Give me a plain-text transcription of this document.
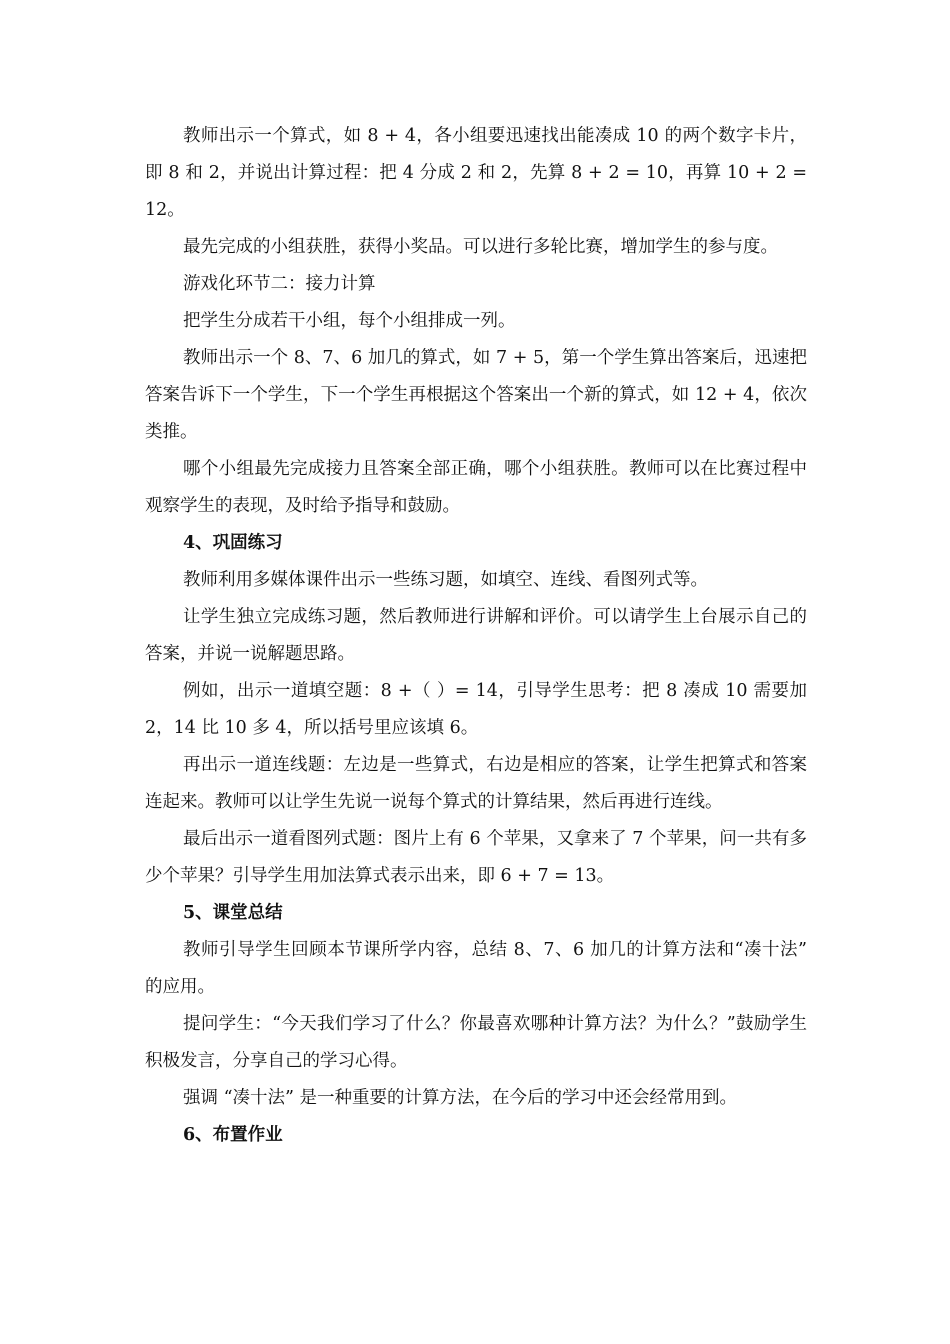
教师出示一个算式，如 8 + 4，各小组要迅速找出能凑成 10 的两个数字卡片，即 8 和 2，并说出计算过程：把 4 分成 2 和 2，先算 8 + 2 = 10，再算 10 + 2 = 12。

最先完成的小组获胜，获得小奖品。可以进行多轮比赛，增加学生的参与度。

游戏化环节二：接力计算

把学生分成若干小组，每个小组排成一列。

教师出示一个 8、7、6 加几的算式，如 7 + 5，第一个学生算出答案后，迅速把答案告诉下一个学生，下一个学生再根据这个答案出一个新的算式，如 12 + 4，依次类推。

哪个小组最先完成接力且答案全部正确，哪个小组获胜。教师可以在比赛过程中观察学生的表现，及时给予指导和鼓励。

4、巩固练习

教师利用多媒体课件出示一些练习题，如填空、连线、看图列式等。

让学生独立完成练习题，然后教师进行讲解和评价。可以请学生上台展示自己的答案，并说一说解题思路。

例如，出示一道填空题：8 +（ ）= 14，引导学生思考：把 8 凑成 10 需要加 2，14 比 10 多 4，所以括号里应该填 6。

再出示一道连线题：左边是一些算式，右边是相应的答案，让学生把算式和答案连起来。教师可以让学生先说一说每个算式的计算结果，然后再进行连线。

最后出示一道看图列式题：图片上有 6 个苹果，又拿来了 7 个苹果，问一共有多少个苹果？引导学生用加法算式表示出来，即 6 + 7 = 13。

5、课堂总结

教师引导学生回顾本节课所学内容，总结 8、7、6 加几的计算方法和“凑十法” 的应用。

提问学生：“今天我们学习了什么？你最喜欢哪种计算方法？为什么？”鼓励学生积极发言，分享自己的学习心得。

强调 “凑十法” 是一种重要的计算方法，在今后的学习中还会经常用到。

6、布置作业
